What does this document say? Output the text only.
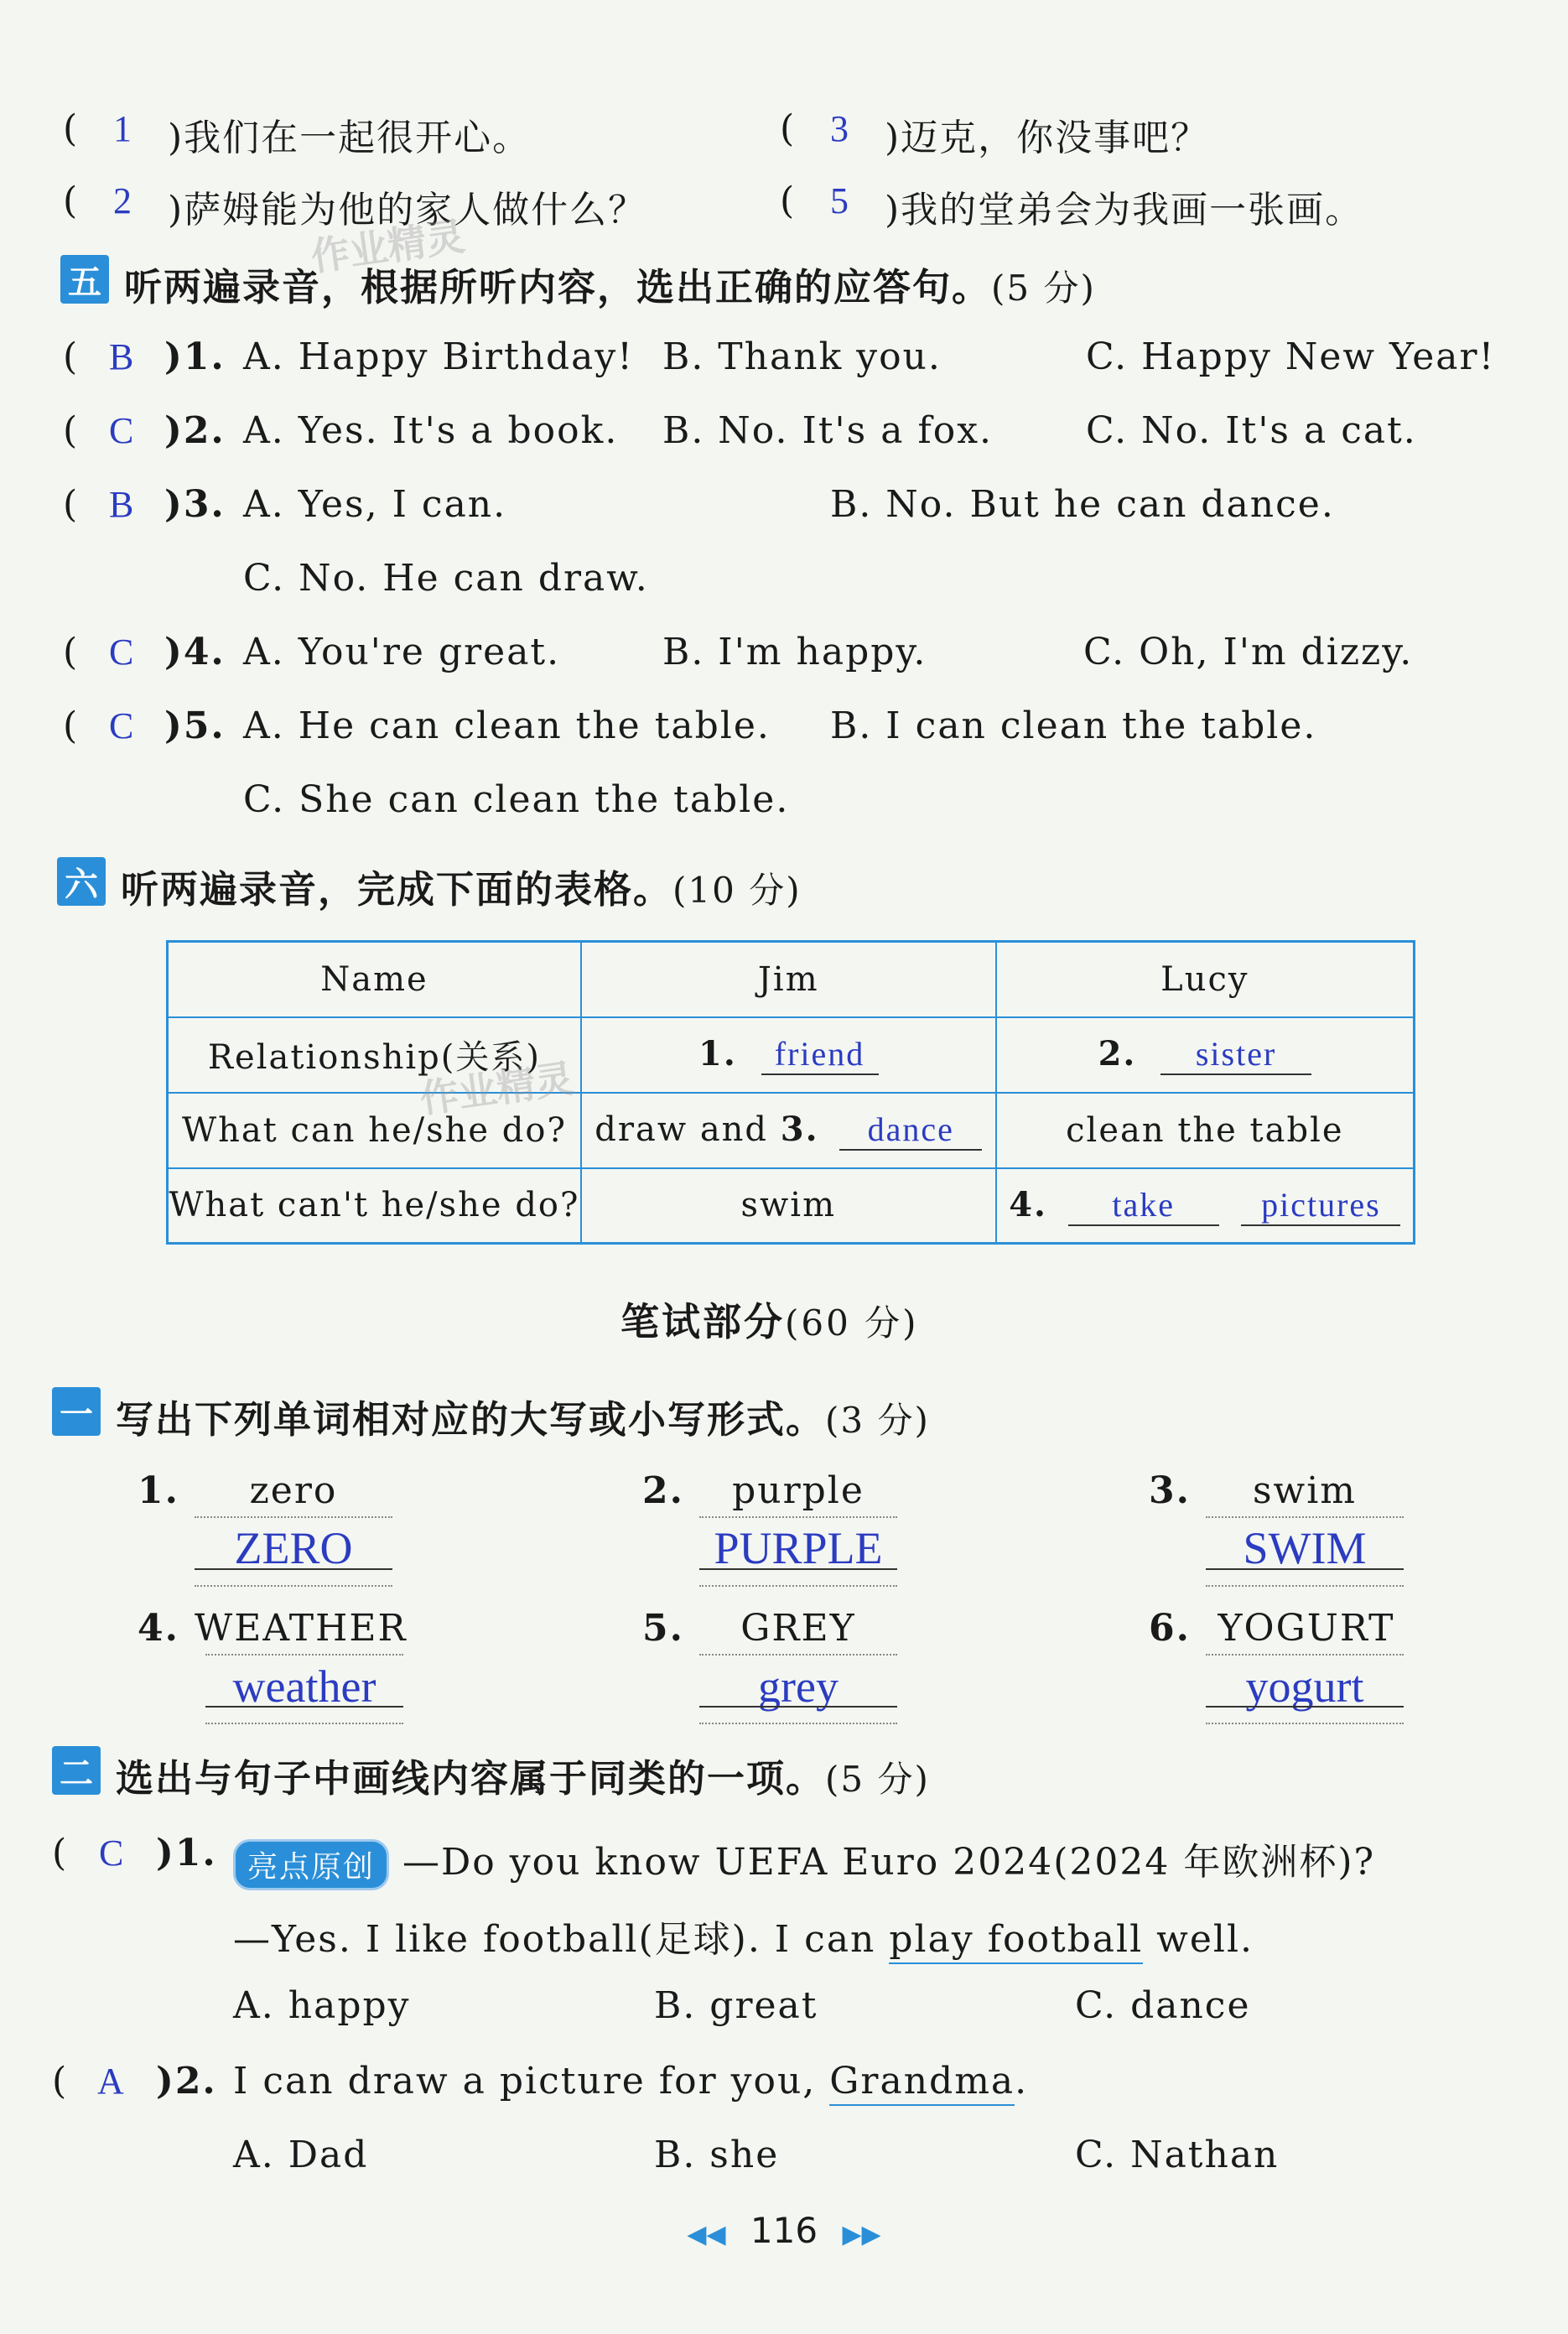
( 1 )我们在一起很开心。	( 3 )迈克，你没事吧？
( 2 )萨姆能为他的家人做什么？	( 5 )我的堂弟会为我画一张画。
作业精灵
五 听两遍录音，根据所听内容，选出正确的应答句。(5 分)
( B )1. A. Happy Birthday! B. Thank you.	C. Happy New Year!
( C )2. A. Yes. It's a book. B. No. It's a fox.	C. No. It's a cat.
( B )3. A. Yes, I can.	B. No. But he can dance.
C. No. He can draw.
( C )4. A. You're great.	B. I'm happy.	C. Oh, I'm dizzy.
( C )5. A. He can clean the table. B. I can clean the table.
C. She can clean the table.
六 听两遍录音，完成下面的表格。(10 分)
Name	Jim	Lucy
Relationship(关系)	1. friend	2. sister
What can he/she do?	draw and 3. dance	clean the table
What can't he/she do?	swim	4. take pictures
作业精灵
笔试部分(60 分)
一 写出下列单词相对应的大写或小写形式。(3 分)
1.	zero
ZERO
2.	purple
PURPLE
3.	swim
SWIM
4. WEATHER
weather
5.	GREY
grey
6. YOGURT
yogurt
二 选出与句子中画线内容属于同类的一项。(5 分)
( C )1.	亮点原创 —Do you know UEFA Euro 2024(2024 年欧洲杯)?
—Yes. I like football(足球). I can play football well.
A. happy	B. great	C. dance
( A )2. I can draw a picture for you, Grandma.
A. Dad	B. she	C. Nathan
◀◀ 116 ▶▶
